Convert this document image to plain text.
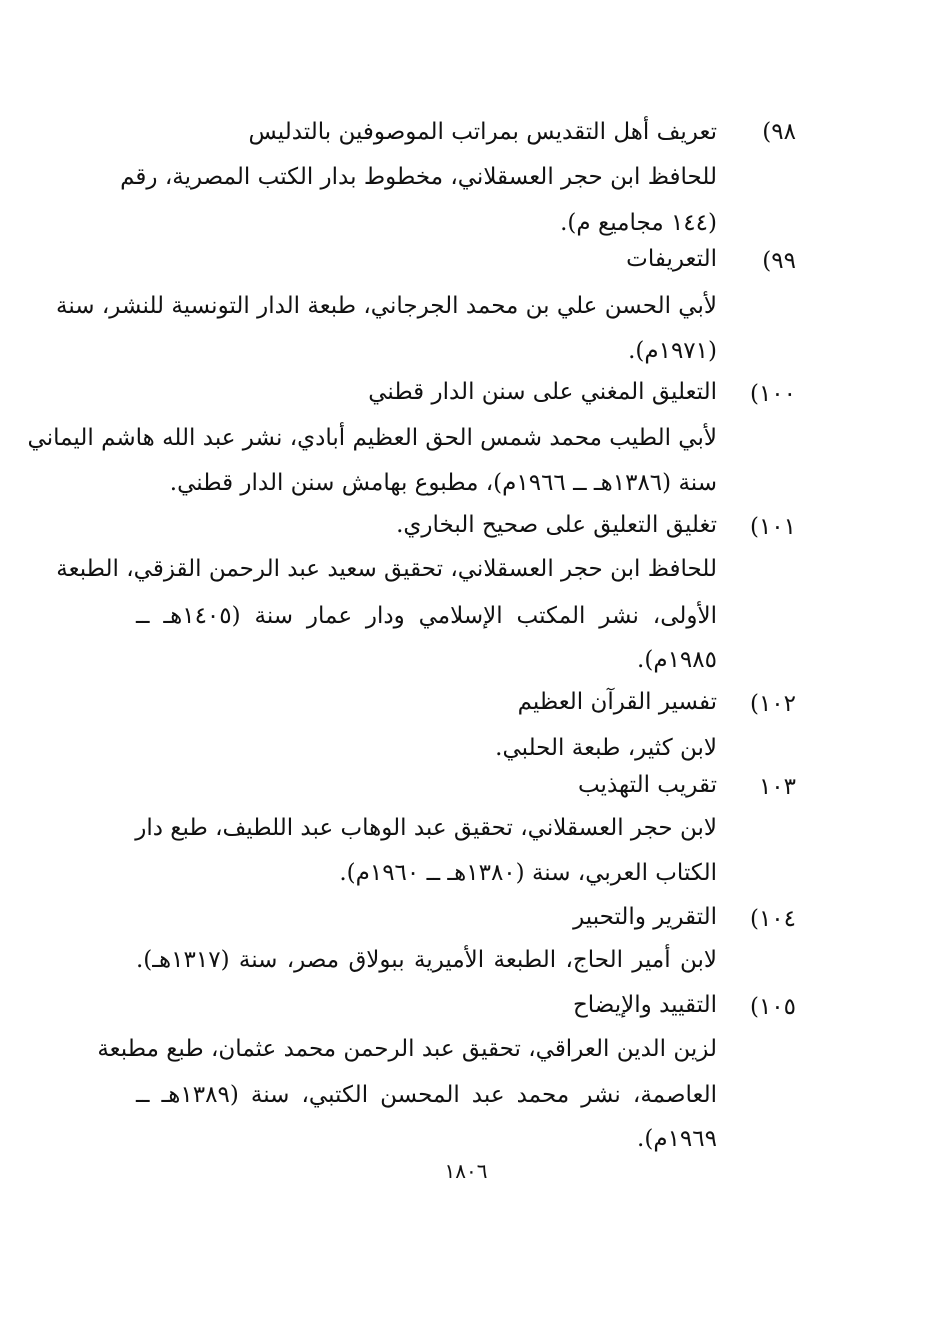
٩٨)
تعريف أهل التقديس بمراتب الموصوفين بالتدليس
للحافظ ابن حجر العسقلاني، مخطوط بدار الكتب المصرية، رقم
(١٤٤ مجاميع م).
٩٩)
التعريفات
لأبي الحسن علي بن محمد الجرجاني، طبعة الدار التونسية للنشر، سنة
(١٩٧١م).
١٠٠)
التعليق المغني على سنن الدار قطني
لأبي الطيب محمد شمس الحق العظيم أبادي، نشر عبد الله هاشم اليماني
سنة (١٣٨٦هـ ــ ١٩٦٦م)، مطبوع بهامش سنن الدار قطني.
١٠١)
تغليق التعليق على صحيح البخاري.
للحافظ ابن حجر العسقلاني، تحقيق سعيد عبد الرحمن القزقي، الطبعة
الأولى، نشر المكتب الإسلامي ودار عمار سنة (١٤٠٥هـ ــ
١٩٨٥م).
١٠٢)
تفسير القرآن العظيم
لابن كثير، طبعة الحلبي.
١٠٣
تقريب التهذيب
لابن حجر العسقلاني، تحقيق عبد الوهاب عبد اللطيف، طبع دار
الكتاب العربي، سنة (١٣٨٠هـ ــ ١٩٦٠م).
١٠٤)
التقرير والتحبير
لابن أمير الحاج، الطبعة الأميرية ببولاق مصر، سنة (١٣١٧هـ).
١٠٥)
التقييد والإيضاح
لزين الدين العراقي، تحقيق عبد الرحمن محمد عثمان، طبع مطبعة
العاصمة، نشر محمد عبد المحسن الكتبي، سنة (١٣٨٩هـ ــ
١٩٦٩م).
١٨٠٦
